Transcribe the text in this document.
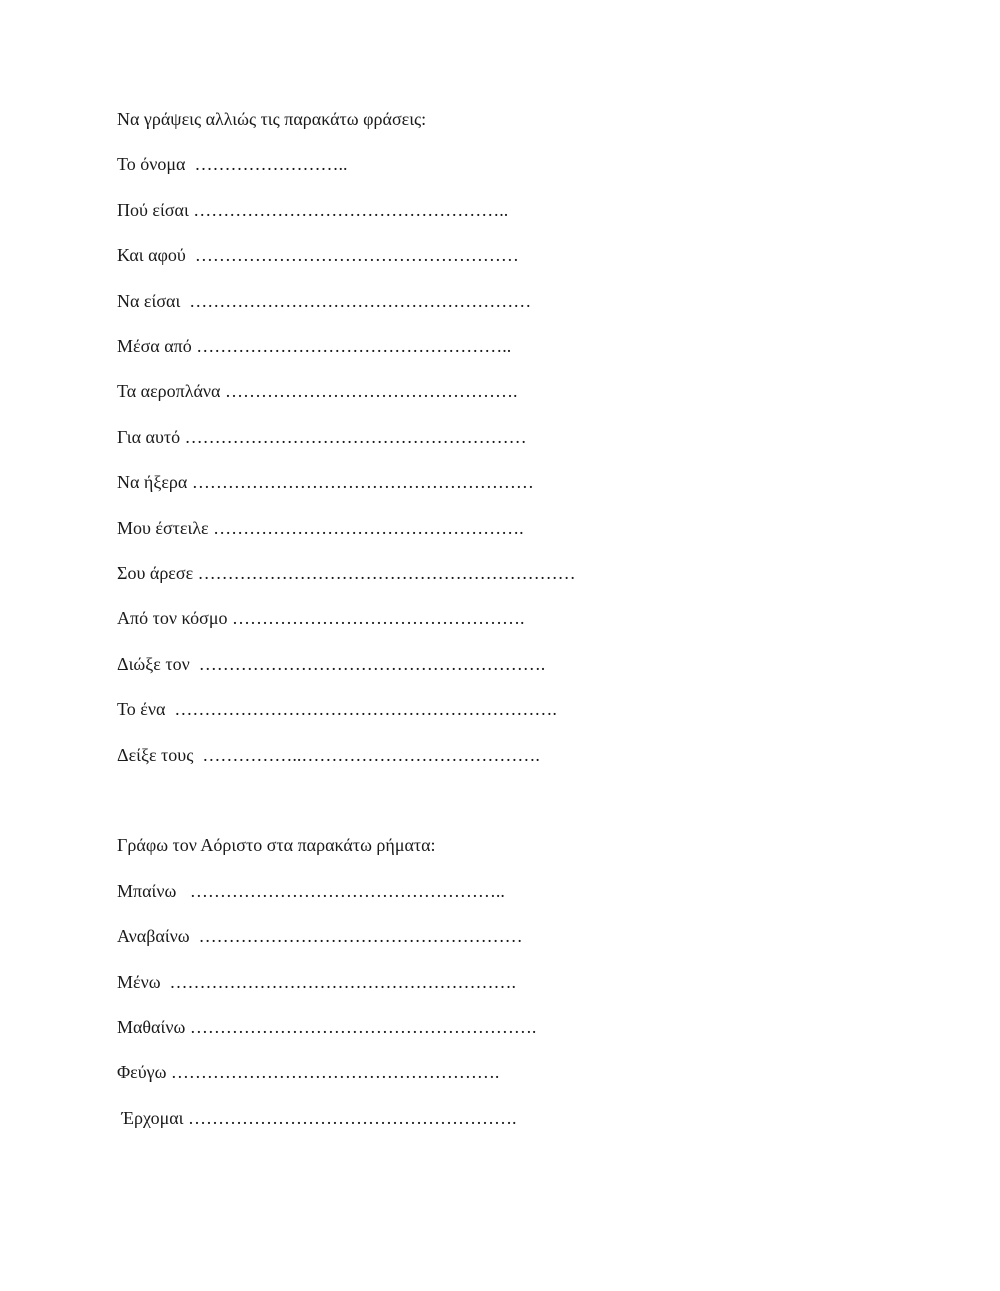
Να γράψεις αλλιώς τις παρακάτω φράσεις:
Το όνομα  ……………………..
Πού είσαι ……………………………………………..
Και αφού  ………………………………………………
Να είσαι  …………………………………………………
Μέσα από ……………………………………………..
Τα αεροπλάνα ………………………………………….
Για αυτό …………………………………………………
Να ήξερα …………………………………………………
Μου έστειλε …………………………………………….
Σου άρεσε ………………………………………………………
Από τον κόσμο ………………………………………….
Διώξε τον  ………………………………………………….
Το ένα  ……………………………………………………….
Δείξε τους  ……………..………………………………….
Γράφω τον Αόριστο στα παρακάτω ρήματα:
Μπαίνω   ……………………………………………..
Αναβαίνω  ………………………………………………
Μένω  ………………………………………………….
Μαθαίνω ………………………………………………….
Φεύγω ……………………………………………….
Έρχομαι ……………………………………………….
